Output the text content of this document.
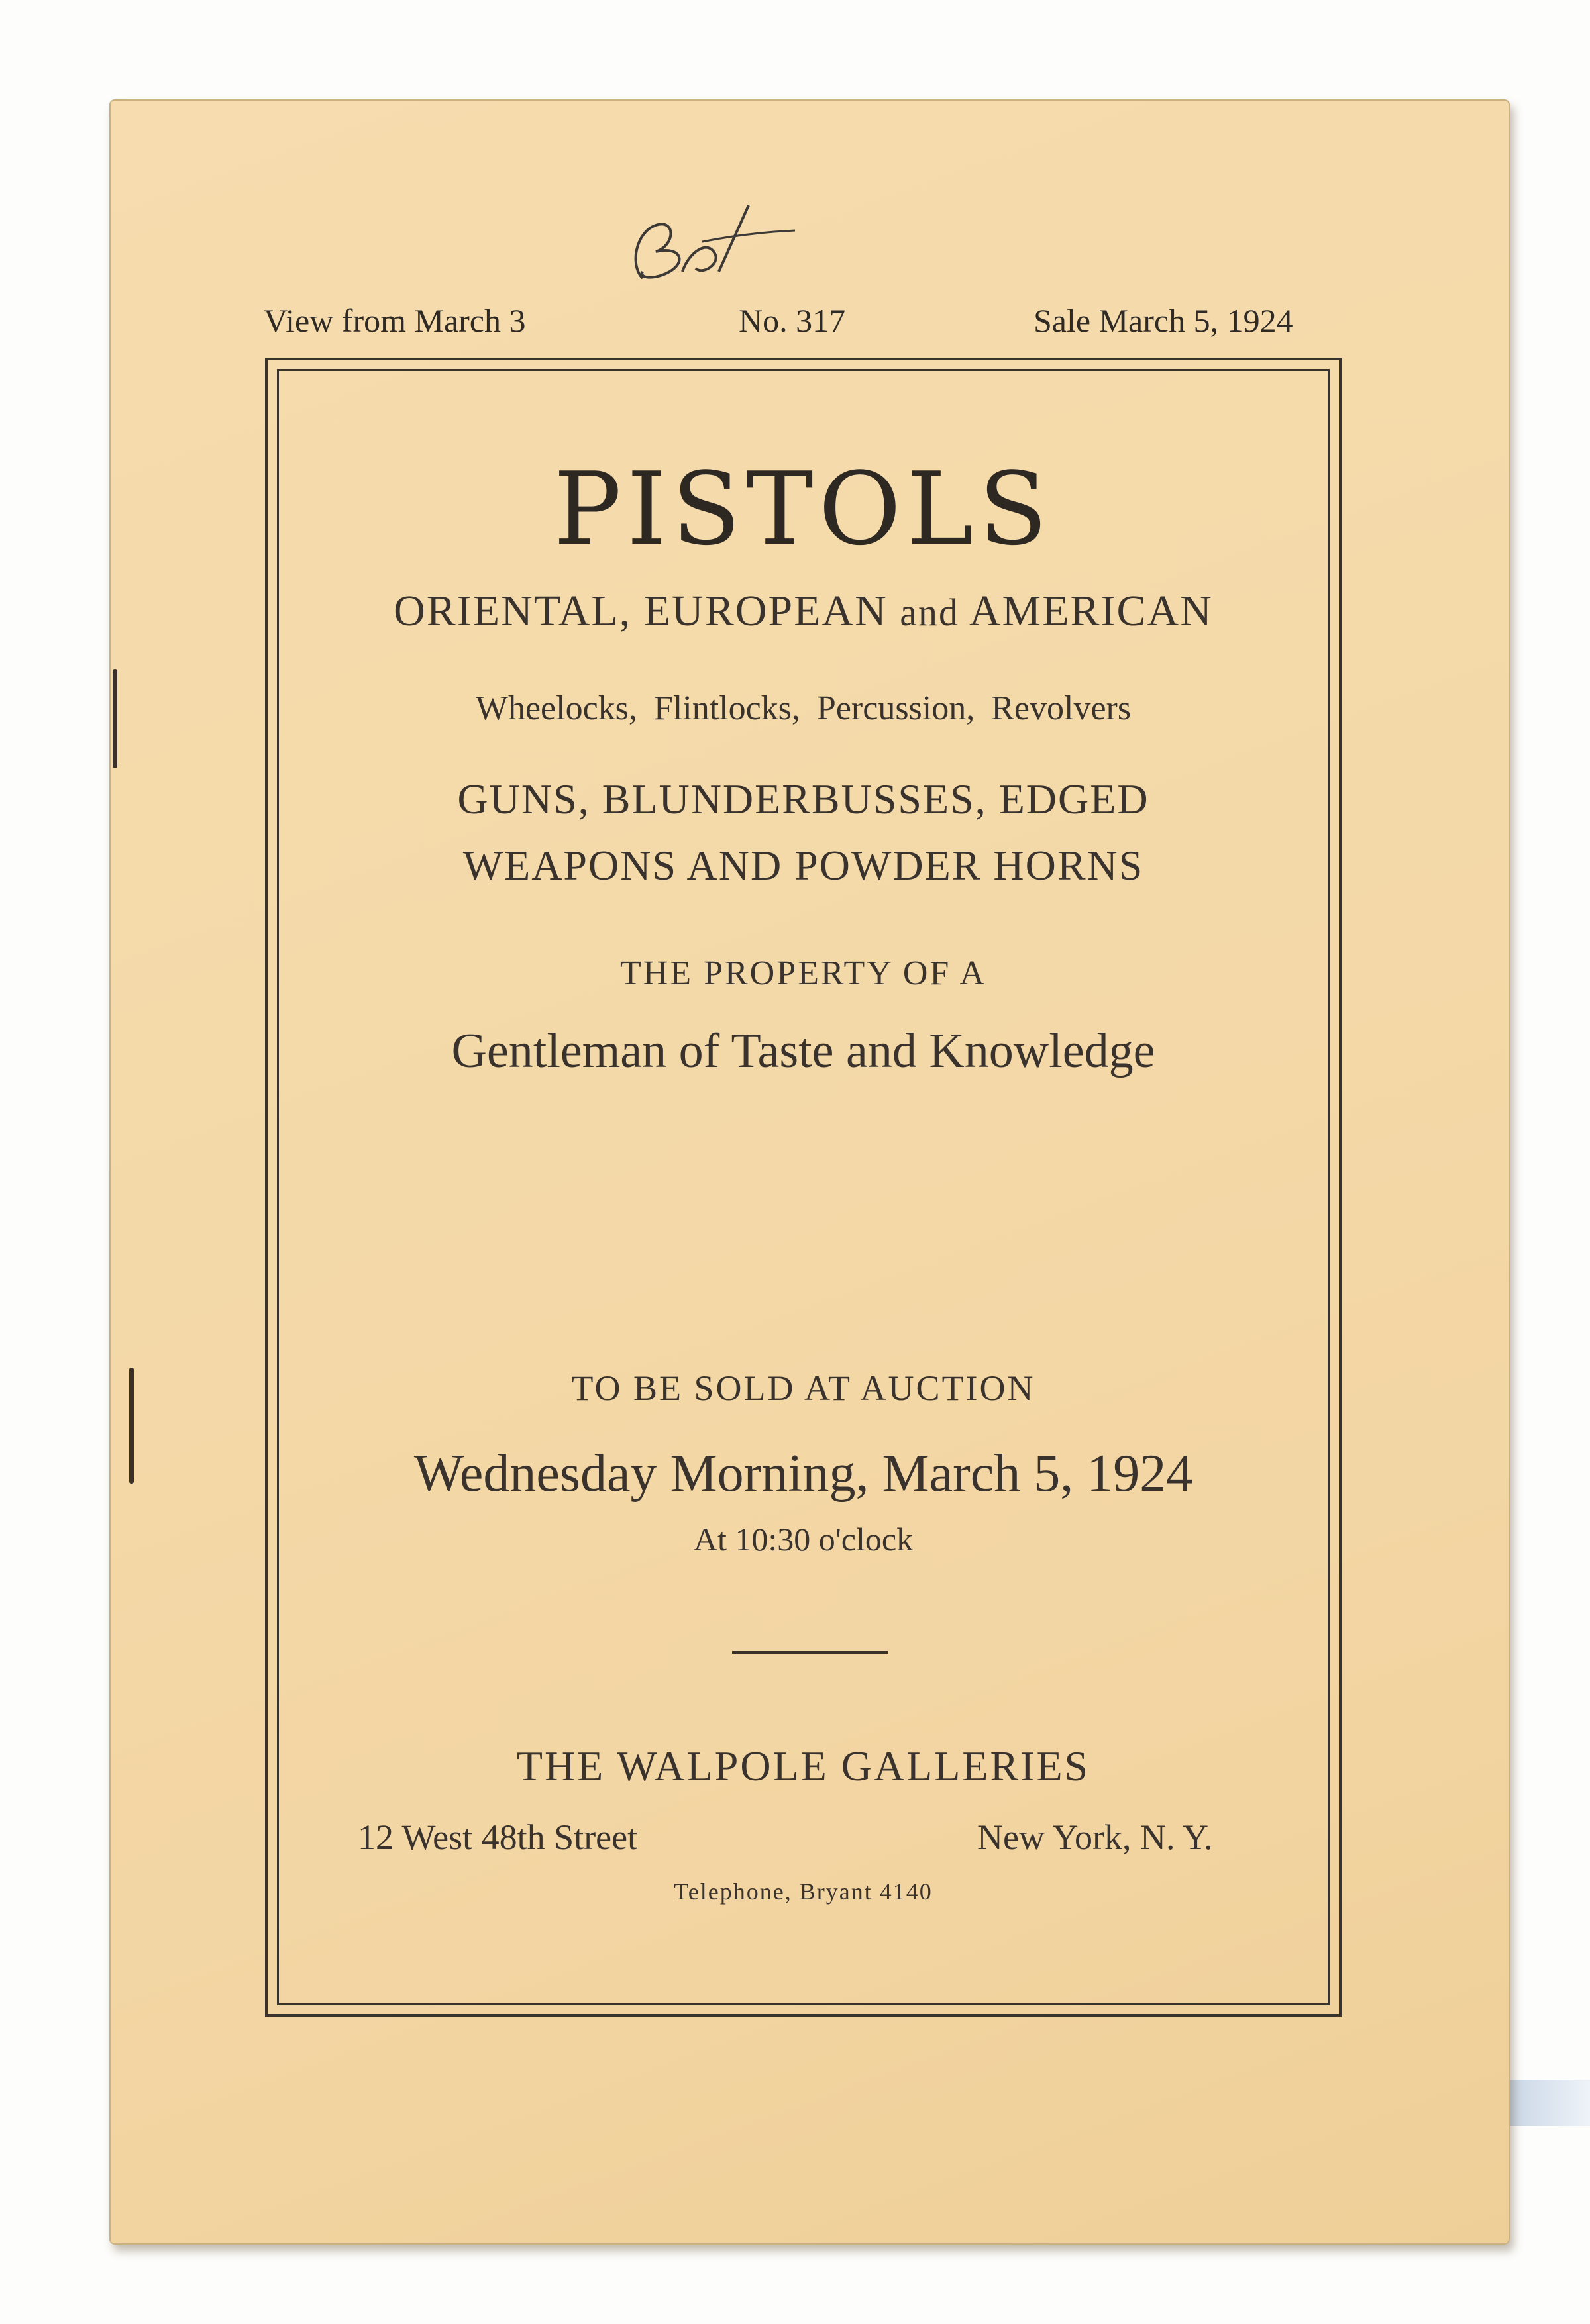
View from March 3	No. 317	Sale March 5, 1924
PISTOLS
ORIENTAL, EUROPEAN and AMERICAN
Wheelocks, Flintlocks, Percussion, Revolvers
GUNS, BLUNDERBUSSES, EDGED
WEAPONS AND POWDER HORNS
THE PROPERTY OF A
Gentleman of Taste and Knowledge
TO BE SOLD AT AUCTION
Wednesday Morning, March 5, 1924
At 10:30 o'clock
THE WALPOLE GALLERIES
12 West 48th Street	New York, N. Y.
Telephone, Bryant 4140
